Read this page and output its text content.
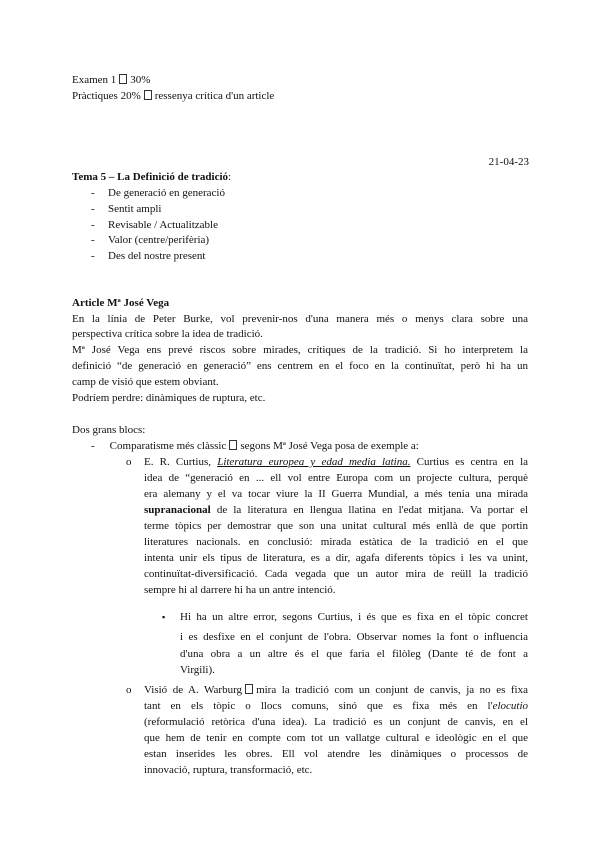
Examen 1 30%
Pràctiques 20% ressenya crítica d'un article
21-04-23
Tema 5 – La Definició de tradició:
- De generació en generació
- Sentit ampli
- Revisable / Actualitzable
- Valor (centre/perifèria)
- Des del nostre present
Article Mª José Vega
En la línia de Peter Burke, vol prevenir-nos d'una manera més o menys clara sobre una
perspectiva crítica sobre la idea de tradició.
Mª José Vega ens prevé riscos sobre mirades, crítiques de la tradició. Si ho interpretem la
definició “de generació en generació” ens centrem en el foco en la continuïtat, però hi ha un
camp de visió que estem obviant.
Podríem perdre: dinàmiques de ruptura, etc.
Dos grans blocs:
- Comparatisme més clàssic segons Mª José Vega posa de exemple a:
o E. R. Curtius, Literatura europea y edad media latina. Curtius es centra en la
idea de “generació en ... ell vol entre Europa com un projecte cultura, perquè
era alemany y el va tocar viure la II Guerra Mundial, a més tenia una mirada
supranacional de la literatura en llengua llatina en l'edat mitjana. Va portar el
terme tòpics per demostrar que son una unitat cultural més enllà de que portin
literatures nacionals. en conclusió: mirada estàtica de la tradició en el que
intenta unir els tipus de literatura, es a dir, agafa diferents tòpics i les va unint,
continuïtat-diversificació. Cada vegada que un autor mira de reüll la tradició
sempre hi al darrere hi ha un antre intenció.
▪ Hi ha un altre error, segons Curtius, i és que es fixa en el tòpic concret
i es desfixe en el conjunt de l'obra. Observar nomes la font o influencia
d'una obra a un altre és el que faria el filòleg (Dante té de font a
Virgili).
o Visió de A. Warburg mira la tradició com un conjunt de canvis, ja no es fixa
tant en els tòpic o llocs comuns, sinó que es fixa més en l'elocutio
(reformulació retòrica d'una idea). La tradició es un conjunt de canvis, en el
que hem de tenir en compte com tot un vallatge cultural e ideològic en el que
estan inserides les obres. Ell vol atendre les dinàmiques o processos de
innovació, ruptura, transformació, etc.
